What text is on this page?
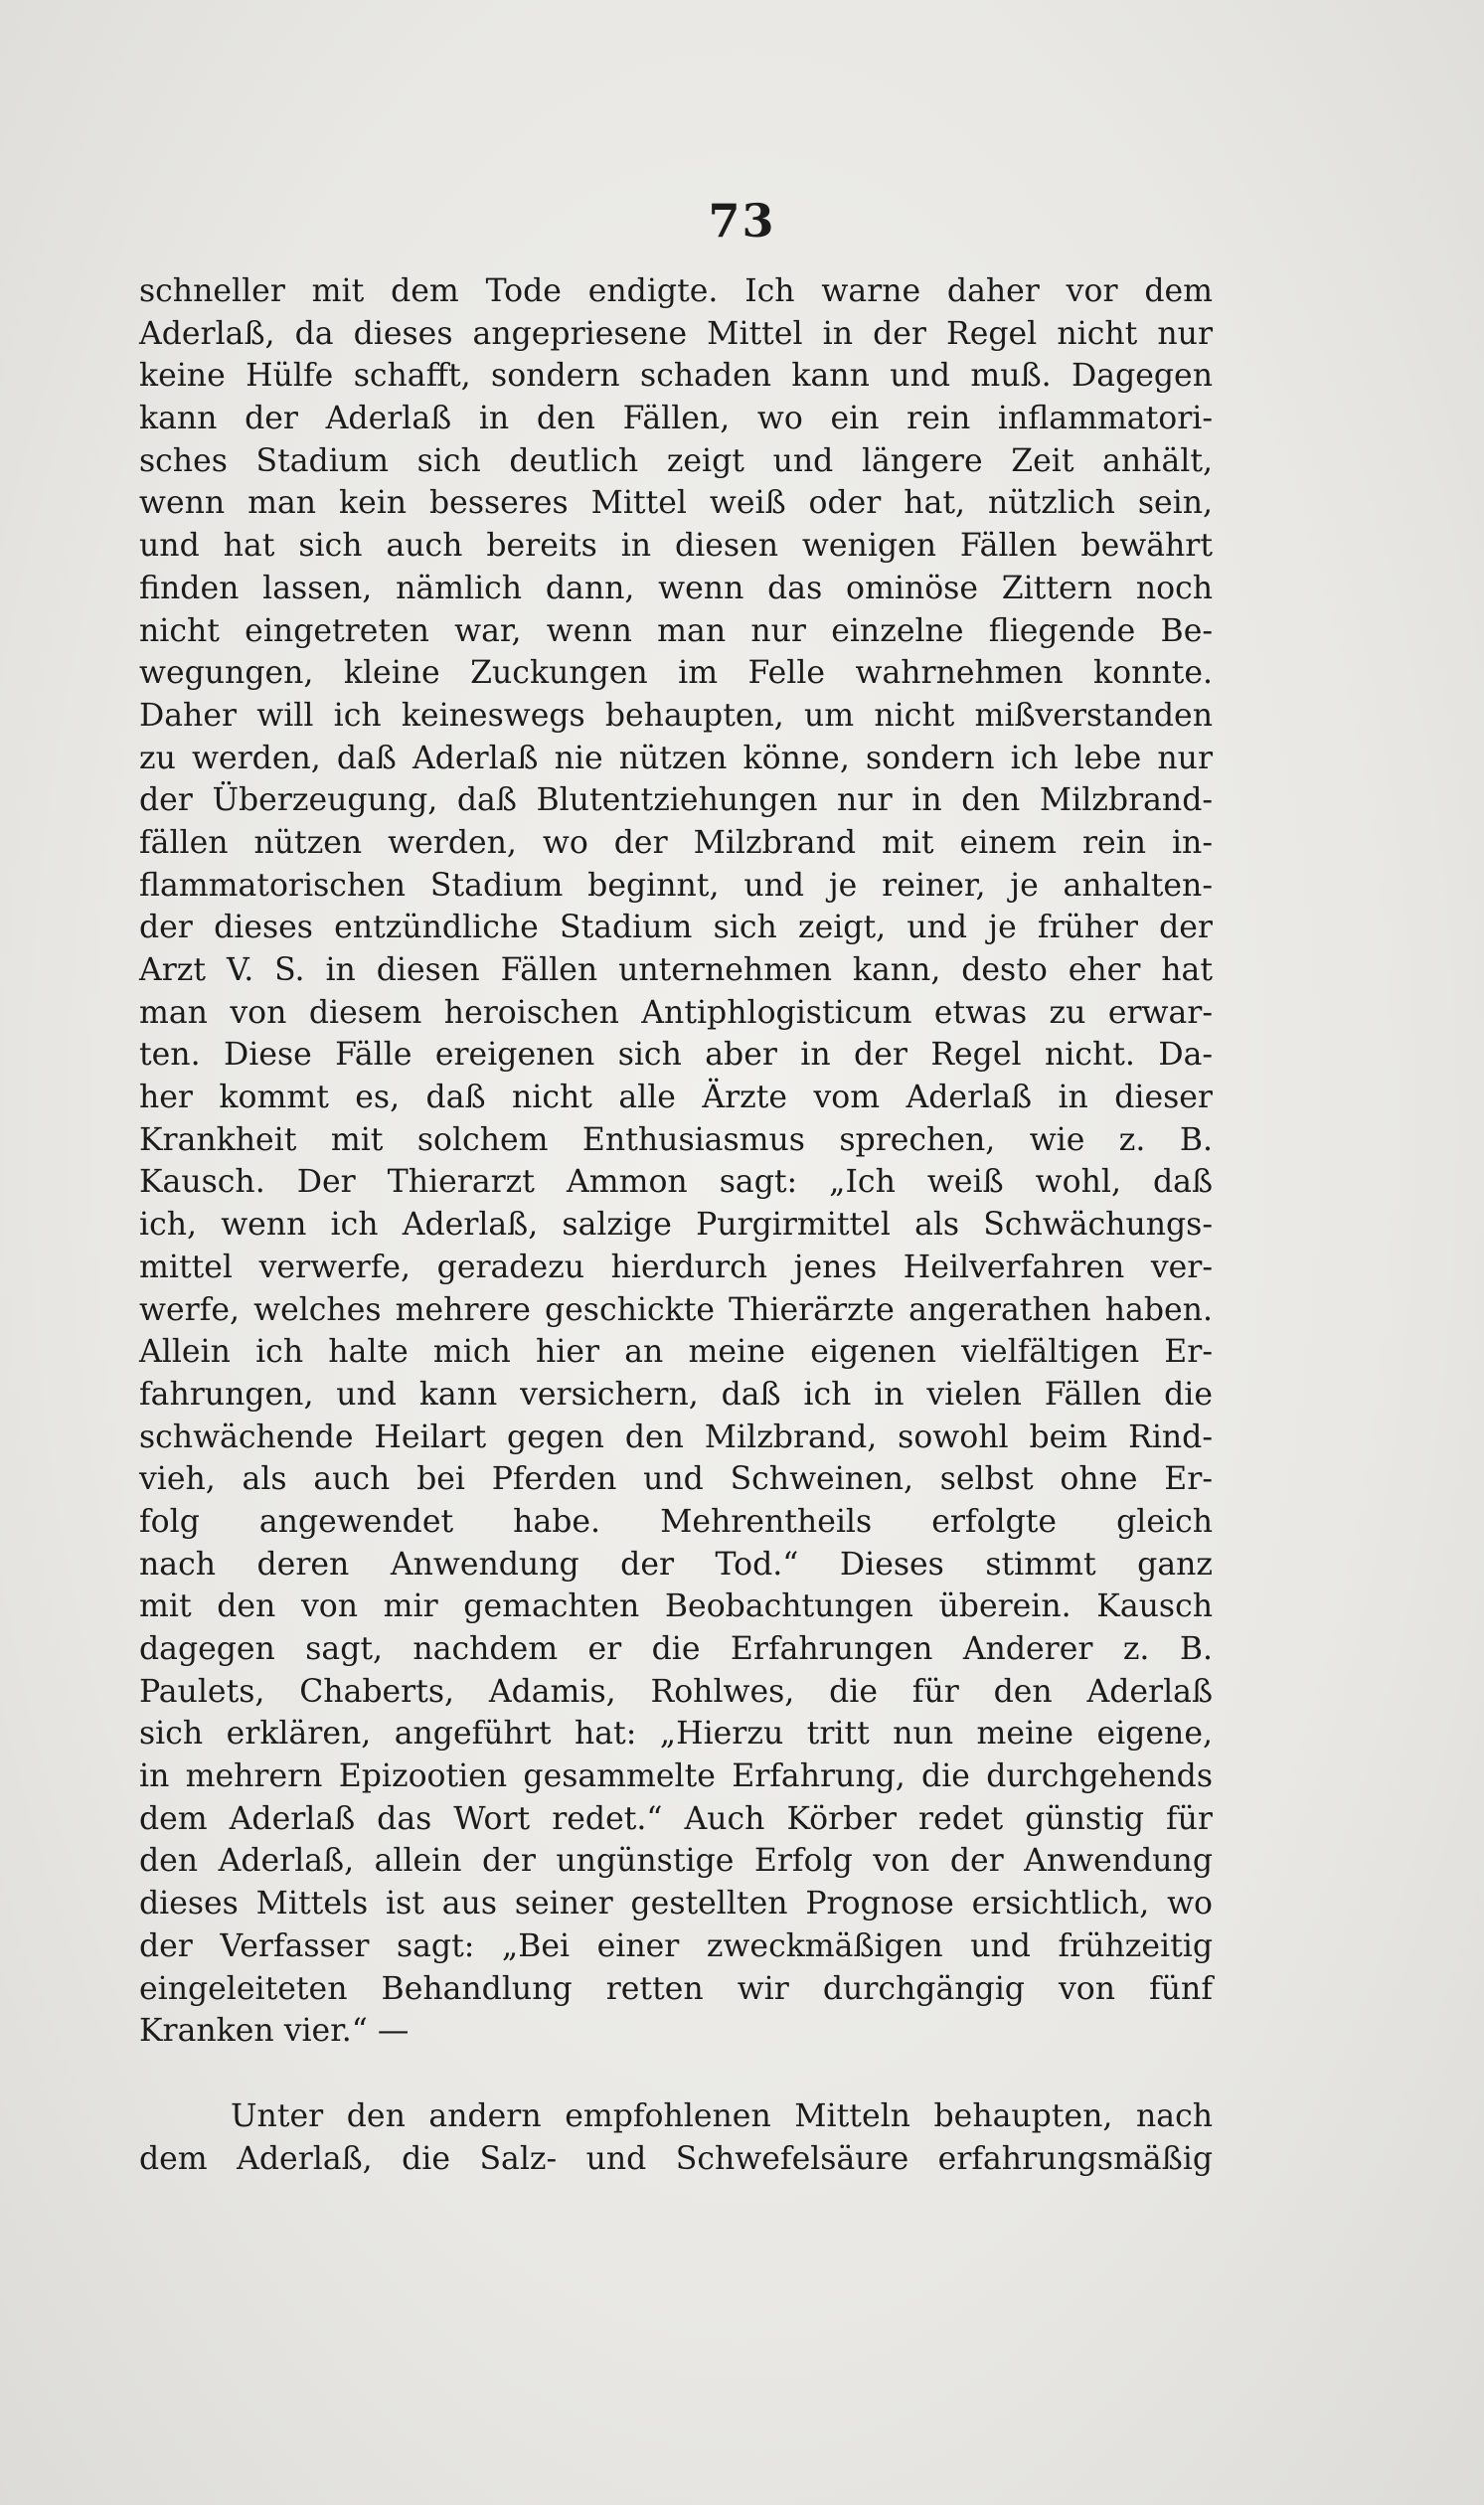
73
schneller mit dem Tode endigte. Ich warne daher vor dem
Aderlaß, da dieses angepriesene Mittel in der Regel nicht nur
keine Hülfe schafft, sondern schaden kann und muß. Dagegen
kann der Aderlaß in den Fällen, wo ein rein inflammatori-
sches Stadium sich deutlich zeigt und längere Zeit anhält,
wenn man kein besseres Mittel weiß oder hat, nützlich sein,
und hat sich auch bereits in diesen wenigen Fällen bewährt
finden lassen, nämlich dann, wenn das ominöse Zittern noch
nicht eingetreten war, wenn man nur einzelne fliegende Be-
wegungen, kleine Zuckungen im Felle wahrnehmen konnte.
Daher will ich keineswegs behaupten, um nicht mißverstanden
zu werden, daß Aderlaß nie nützen könne, sondern ich lebe nur
der Überzeugung, daß Blutentziehungen nur in den Milzbrand-
fällen nützen werden, wo der Milzbrand mit einem rein in-
flammatorischen Stadium beginnt, und je reiner, je anhalten-
der dieses entzündliche Stadium sich zeigt, und je früher der
Arzt V. S. in diesen Fällen unternehmen kann, desto eher hat
man von diesem heroischen Antiphlogisticum etwas zu erwar-
ten. Diese Fälle ereigenen sich aber in der Regel nicht. Da-
her kommt es, daß nicht alle Ärzte vom Aderlaß in dieser
Krankheit mit solchem Enthusiasmus sprechen, wie z. B.
Kausch. Der Thierarzt Ammon sagt: „Ich weiß wohl, daß
ich, wenn ich Aderlaß, salzige Purgirmittel als Schwächungs-
mittel verwerfe, geradezu hierdurch jenes Heilverfahren ver-
werfe, welches mehrere geschickte Thierärzte angerathen haben.
Allein ich halte mich hier an meine eigenen vielfältigen Er-
fahrungen, und kann versichern, daß ich in vielen Fällen die
schwächende Heilart gegen den Milzbrand, sowohl beim Rind-
vieh, als auch bei Pferden und Schweinen, selbst ohne Er-
folg angewendet habe. Mehrentheils erfolgte gleich
nach deren Anwendung der Tod.“ Dieses stimmt ganz
mit den von mir gemachten Beobachtungen überein. Kausch
dagegen sagt, nachdem er die Erfahrungen Anderer z. B.
Paulets, Chaberts, Adamis, Rohlwes, die für den Aderlaß
sich erklären, angeführt hat: „Hierzu tritt nun meine eigene,
in mehrern Epizootien gesammelte Erfahrung, die durchgehends
dem Aderlaß das Wort redet.“ Auch Körber redet günstig für
den Aderlaß, allein der ungünstige Erfolg von der Anwendung
dieses Mittels ist aus seiner gestellten Prognose ersichtlich, wo
der Verfasser sagt: „Bei einer zweckmäßigen und frühzeitig
eingeleiteten Behandlung retten wir durchgängig von fünf
Kranken vier.“ —
Unter den andern empfohlenen Mitteln behaupten, nach
dem Aderlaß, die Salz- und Schwefelsäure erfahrungsmäßig
